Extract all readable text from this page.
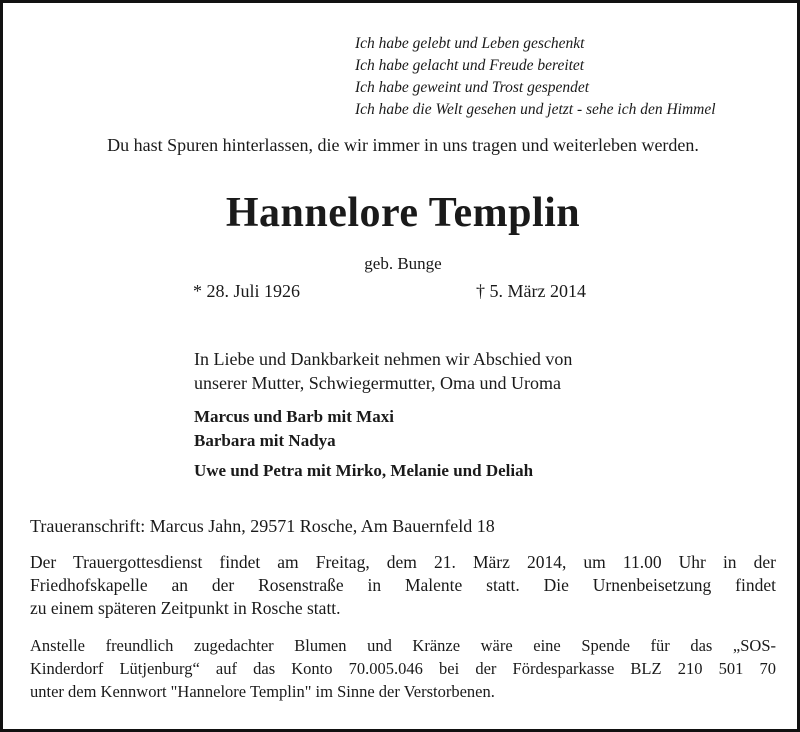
Ich habe gelebt und Leben geschenkt
Ich habe gelacht und Freude bereitet
Ich habe geweint und Trost gespendet
Ich habe die Welt gesehen und jetzt - sehe ich den Himmel
Du hast Spuren hinterlassen, die wir immer in uns tragen und weiterleben werden.
Hannelore Templin
geb. Bunge
* 28. Juli 1926	† 5. März 2014
In Liebe und Dankbarkeit nehmen wir Abschied von
unserer Mutter, Schwiegermutter, Oma und Uroma
Marcus und Barb mit Maxi
Barbara mit Nadya
Uwe und Petra mit Mirko, Melanie und Deliah
Traueranschrift: Marcus Jahn, 29571 Rosche, Am Bauernfeld 18
Der Trauergottesdienst findet am Freitag, dem 21. März 2014, um 11.00 Uhr in der
Friedhofskapelle an der Rosenstraße in Malente statt. Die Urnenbeisetzung findet
zu einem späteren Zeitpunkt in Rosche statt.
Anstelle freundlich zugedachter Blumen und Kränze wäre eine Spende für das „SOS-
Kinderdorf Lütjenburg“ auf das Konto 70.005.046 bei der Fördesparkasse BLZ 210 501 70
unter dem Kennwort "Hannelore Templin" im Sinne der Verstorbenen.
